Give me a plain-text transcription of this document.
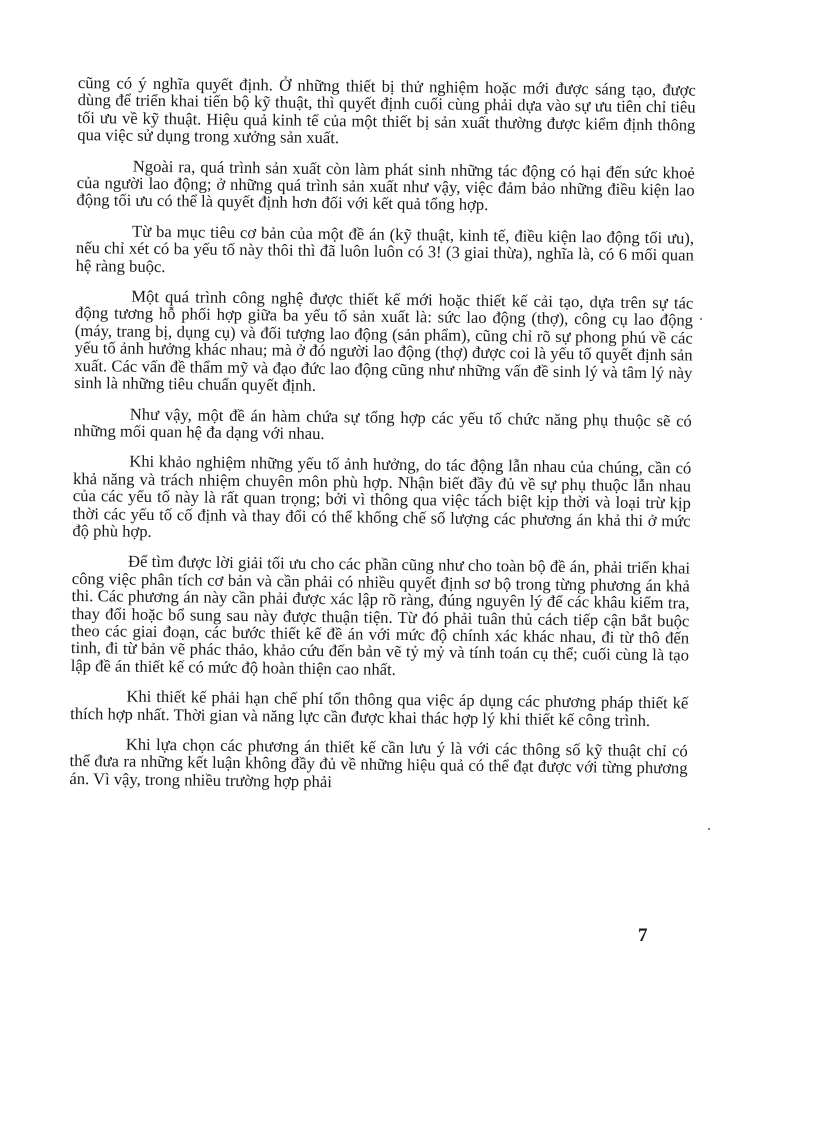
cũng có ý nghĩa quyết định. Ở những thiết bị thử nghiệm hoặc mới được sáng tạo, được dùng để triển khai tiến bộ kỹ thuật, thì quyết định cuối cùng phải dựa vào sự ưu tiên chỉ tiêu tối ưu về kỹ thuật. Hiệu quả kinh tế của một thiết bị sản xuất thường được kiểm định thông qua việc sử dụng trong xưởng sản xuất.

Ngoài ra, quá trình sản xuất còn làm phát sinh những tác động có hại đến sức khoẻ của người lao động; ở những quá trình sản xuất như vậy, việc đảm bảo những điều kiện lao động tối ưu có thể là quyết định hơn đối với kết quả tổng hợp.

Từ ba mục tiêu cơ bản của một đề án (kỹ thuật, kinh tế, điều kiện lao động tối ưu), nếu chỉ xét có ba yếu tố này thôi thì đã luôn luôn có 3! (3 giai thừa), nghĩa là, có 6 mối quan hệ ràng buộc.

Một quá trình công nghệ được thiết kế mới hoặc thiết kế cải tạo, dựa trên sự tác động tương hỗ phối hợp giữa ba yếu tố sản xuất là: sức lao động (thợ), công cụ lao động (máy, trang bị, dụng cụ) và đối tượng lao động (sản phẩm), cũng chỉ rõ sự phong phú về các yếu tố ảnh hưởng khác nhau; mà ở đó người lao động (thợ) được coi là yếu tố quyết định sản xuất. Các vấn đề thẩm mỹ và đạo đức lao động cũng như những vấn đề sinh lý và tâm lý này sinh là những tiêu chuẩn quyết định.

Như vậy, một đề án hàm chứa sự tổng hợp các yếu tố chức năng phụ thuộc sẽ có những mối quan hệ đa dạng với nhau.

Khi khảo nghiệm những yếu tố ảnh hưởng, do tác động lẫn nhau của chúng, cần có khả năng và trách nhiệm chuyên môn phù hợp. Nhận biết đầy đủ về sự phụ thuộc lẫn nhau của các yếu tố này là rất quan trọng; bởi vì thông qua việc tách biệt kịp thời và loại trừ kịp thời các yếu tố cố định và thay đổi có thể khống chế số lượng các phương án khả thi ở mức độ phù hợp.

Để tìm được lời giải tối ưu cho các phần cũng như cho toàn bộ đề án, phải triển khai công việc phân tích cơ bản và cần phải có nhiều quyết định sơ bộ trong từng phương án khả thi. Các phương án này cần phải được xác lập rõ ràng, đúng nguyên lý để các khâu kiểm tra, thay đổi hoặc bổ sung sau này được thuận tiện. Từ đó phải tuân thủ cách tiếp cận bắt buộc theo các giai đoạn, các bước thiết kế đề án với mức độ chính xác khác nhau, đi từ thô đến tinh, đi từ bản vẽ phác thảo, khảo cứu đến bản vẽ tỷ mỷ và tính toán cụ thể; cuối cùng là tạo lập đề án thiết kế có mức độ hoàn thiện cao nhất.

Khi thiết kế phải hạn chế phí tổn thông qua việc áp dụng các phương pháp thiết kế thích hợp nhất. Thời gian và năng lực cần được khai thác hợp lý khi thiết kế công trình.

Khi lựa chọn các phương án thiết kế cần lưu ý là với các thông số kỹ thuật chỉ có thể đưa ra những kết luận không đầy đủ về những hiệu quả có thể đạt được với từng phương án. Vì vậy, trong nhiều trường hợp phải

7
